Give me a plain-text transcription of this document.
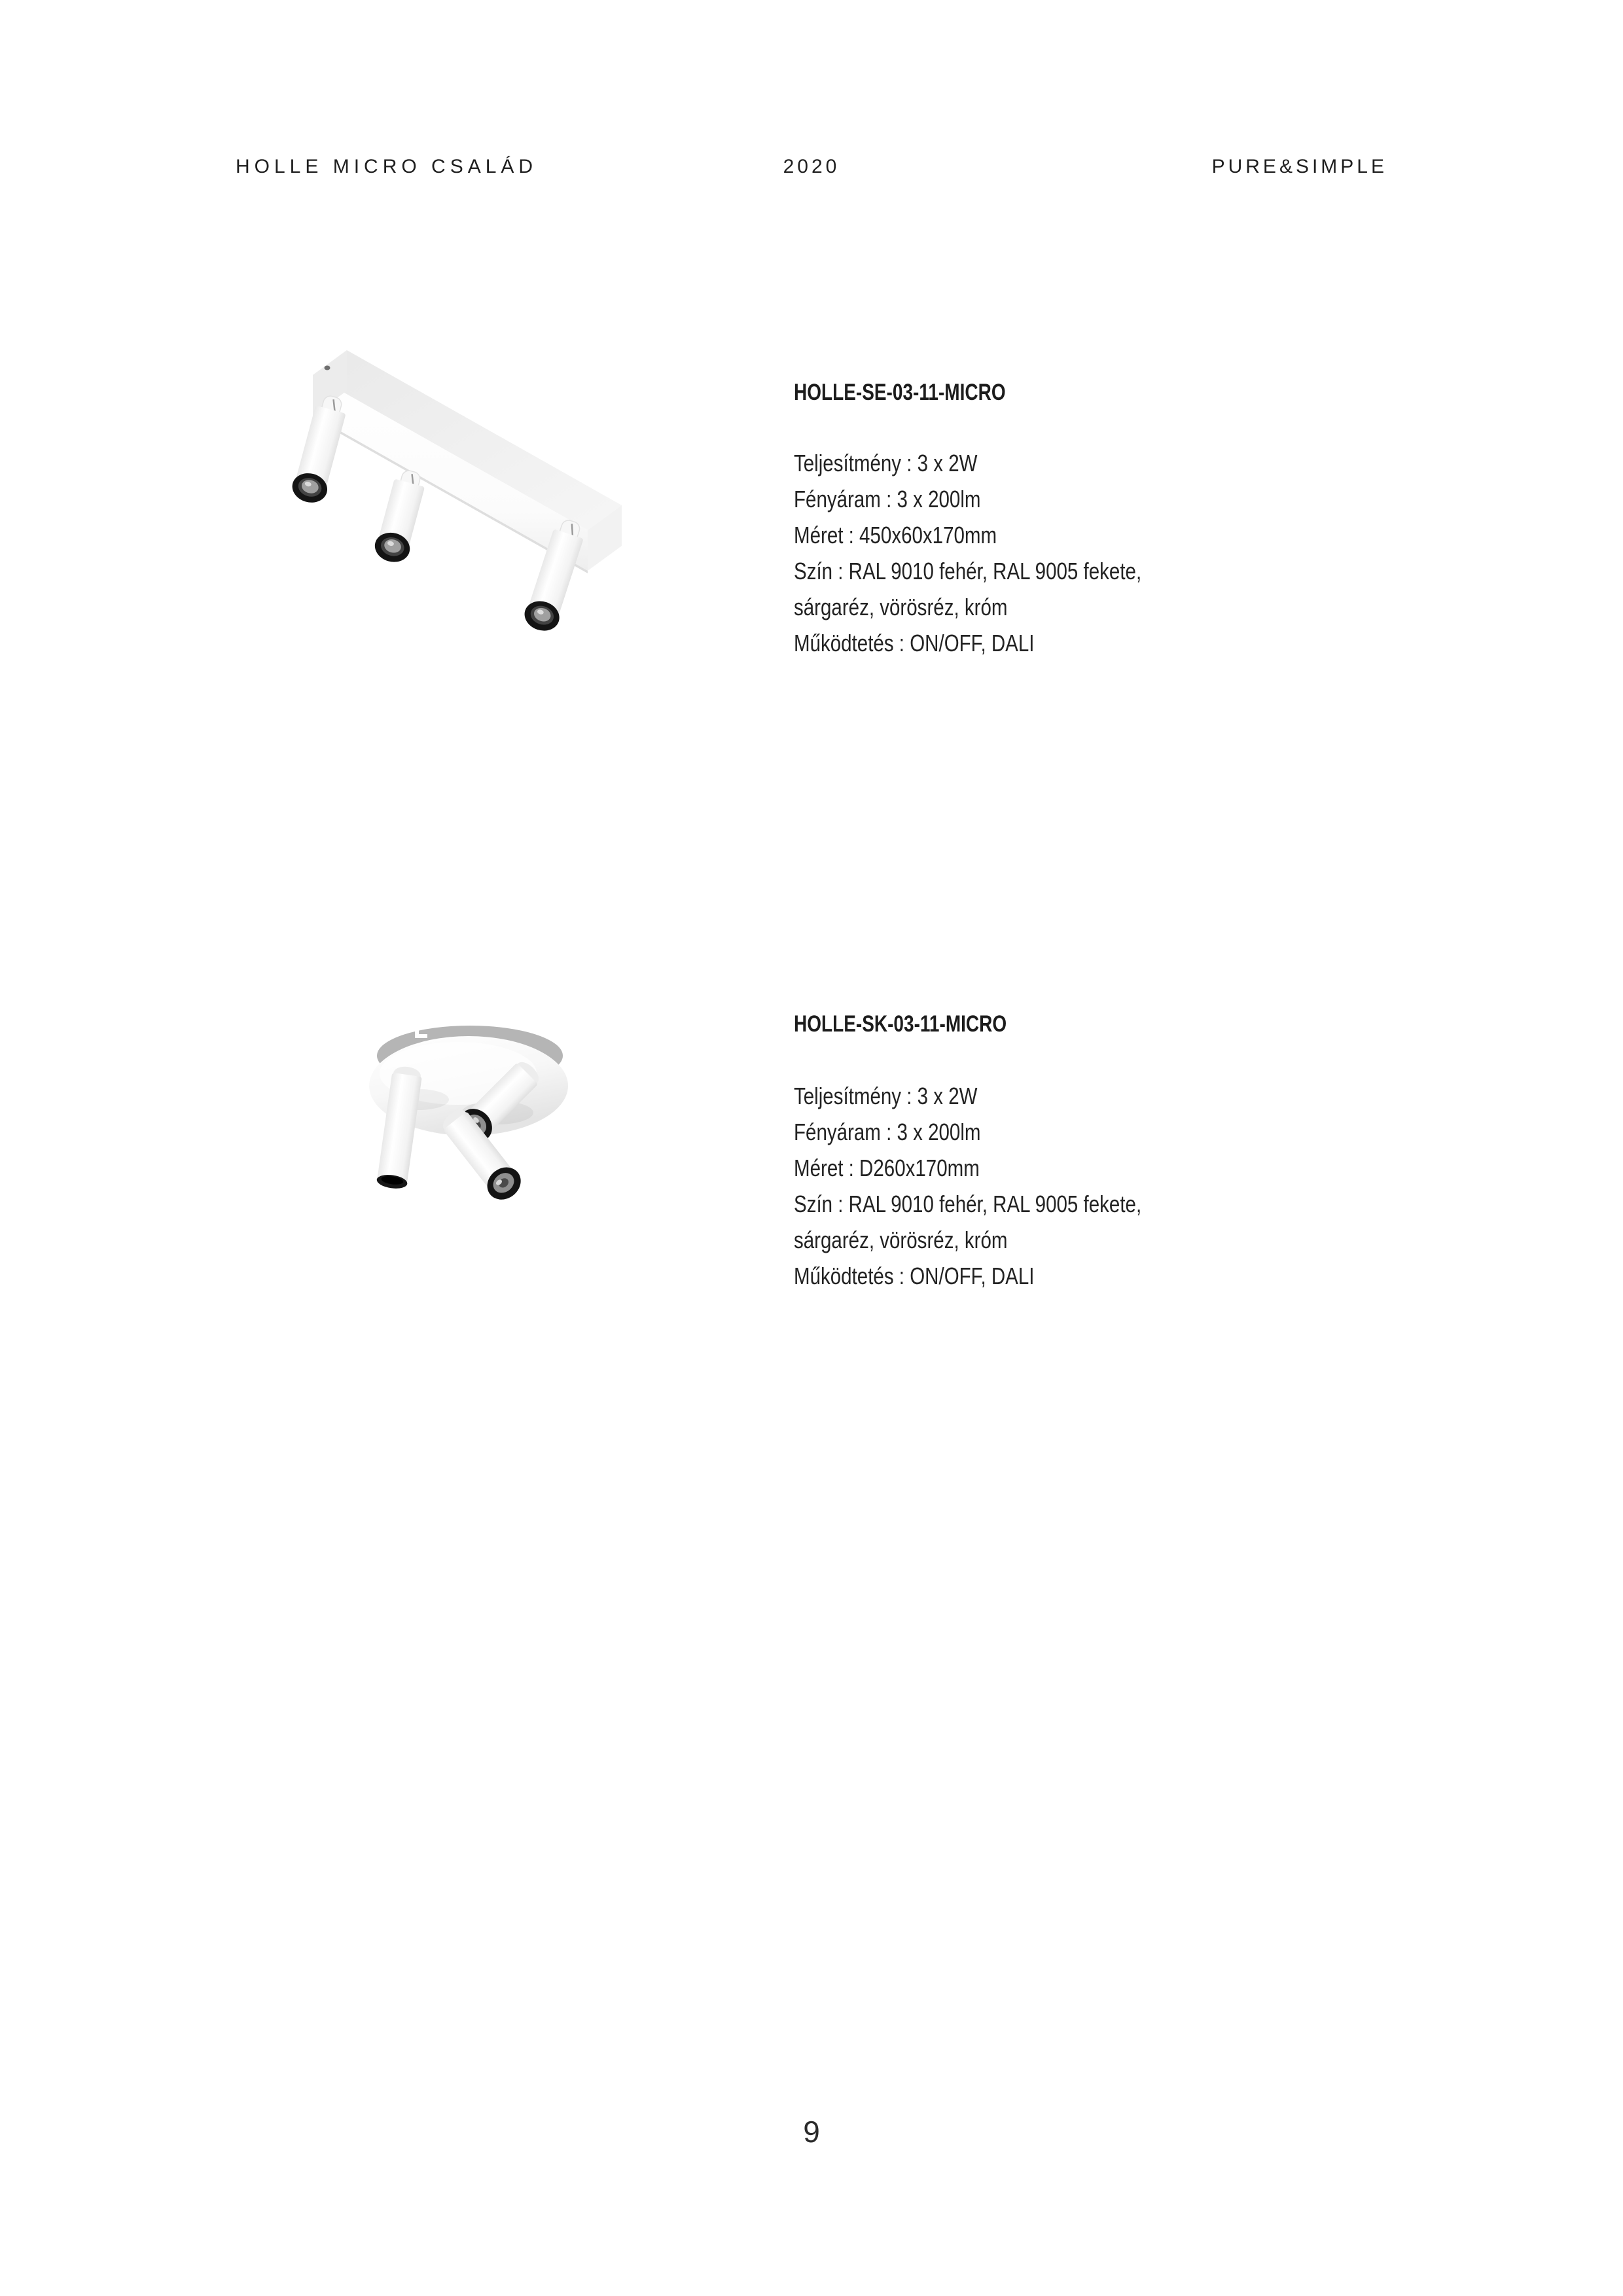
HOLLE MICRO CSALÁD	2020	PURE&SIMPLE
HOLLE-SE-03-11-MICRO
Teljesítmény : 3 x 2W
Fényáram : 3 x 200lm
Méret : 450x60x170mm
Szín : RAL 9010 fehér, RAL 9005 fekete,
sárgaréz, vörösréz, króm
Működtetés : ON/OFF, DALI
HOLLE-SK-03-11-MICRO
Teljesítmény : 3 x 2W
Fényáram : 3 x 200lm
Méret : D260x170mm
Szín : RAL 9010 fehér, RAL 9005 fekete,
sárgaréz, vörösréz, króm
Működtetés : ON/OFF, DALI
9
